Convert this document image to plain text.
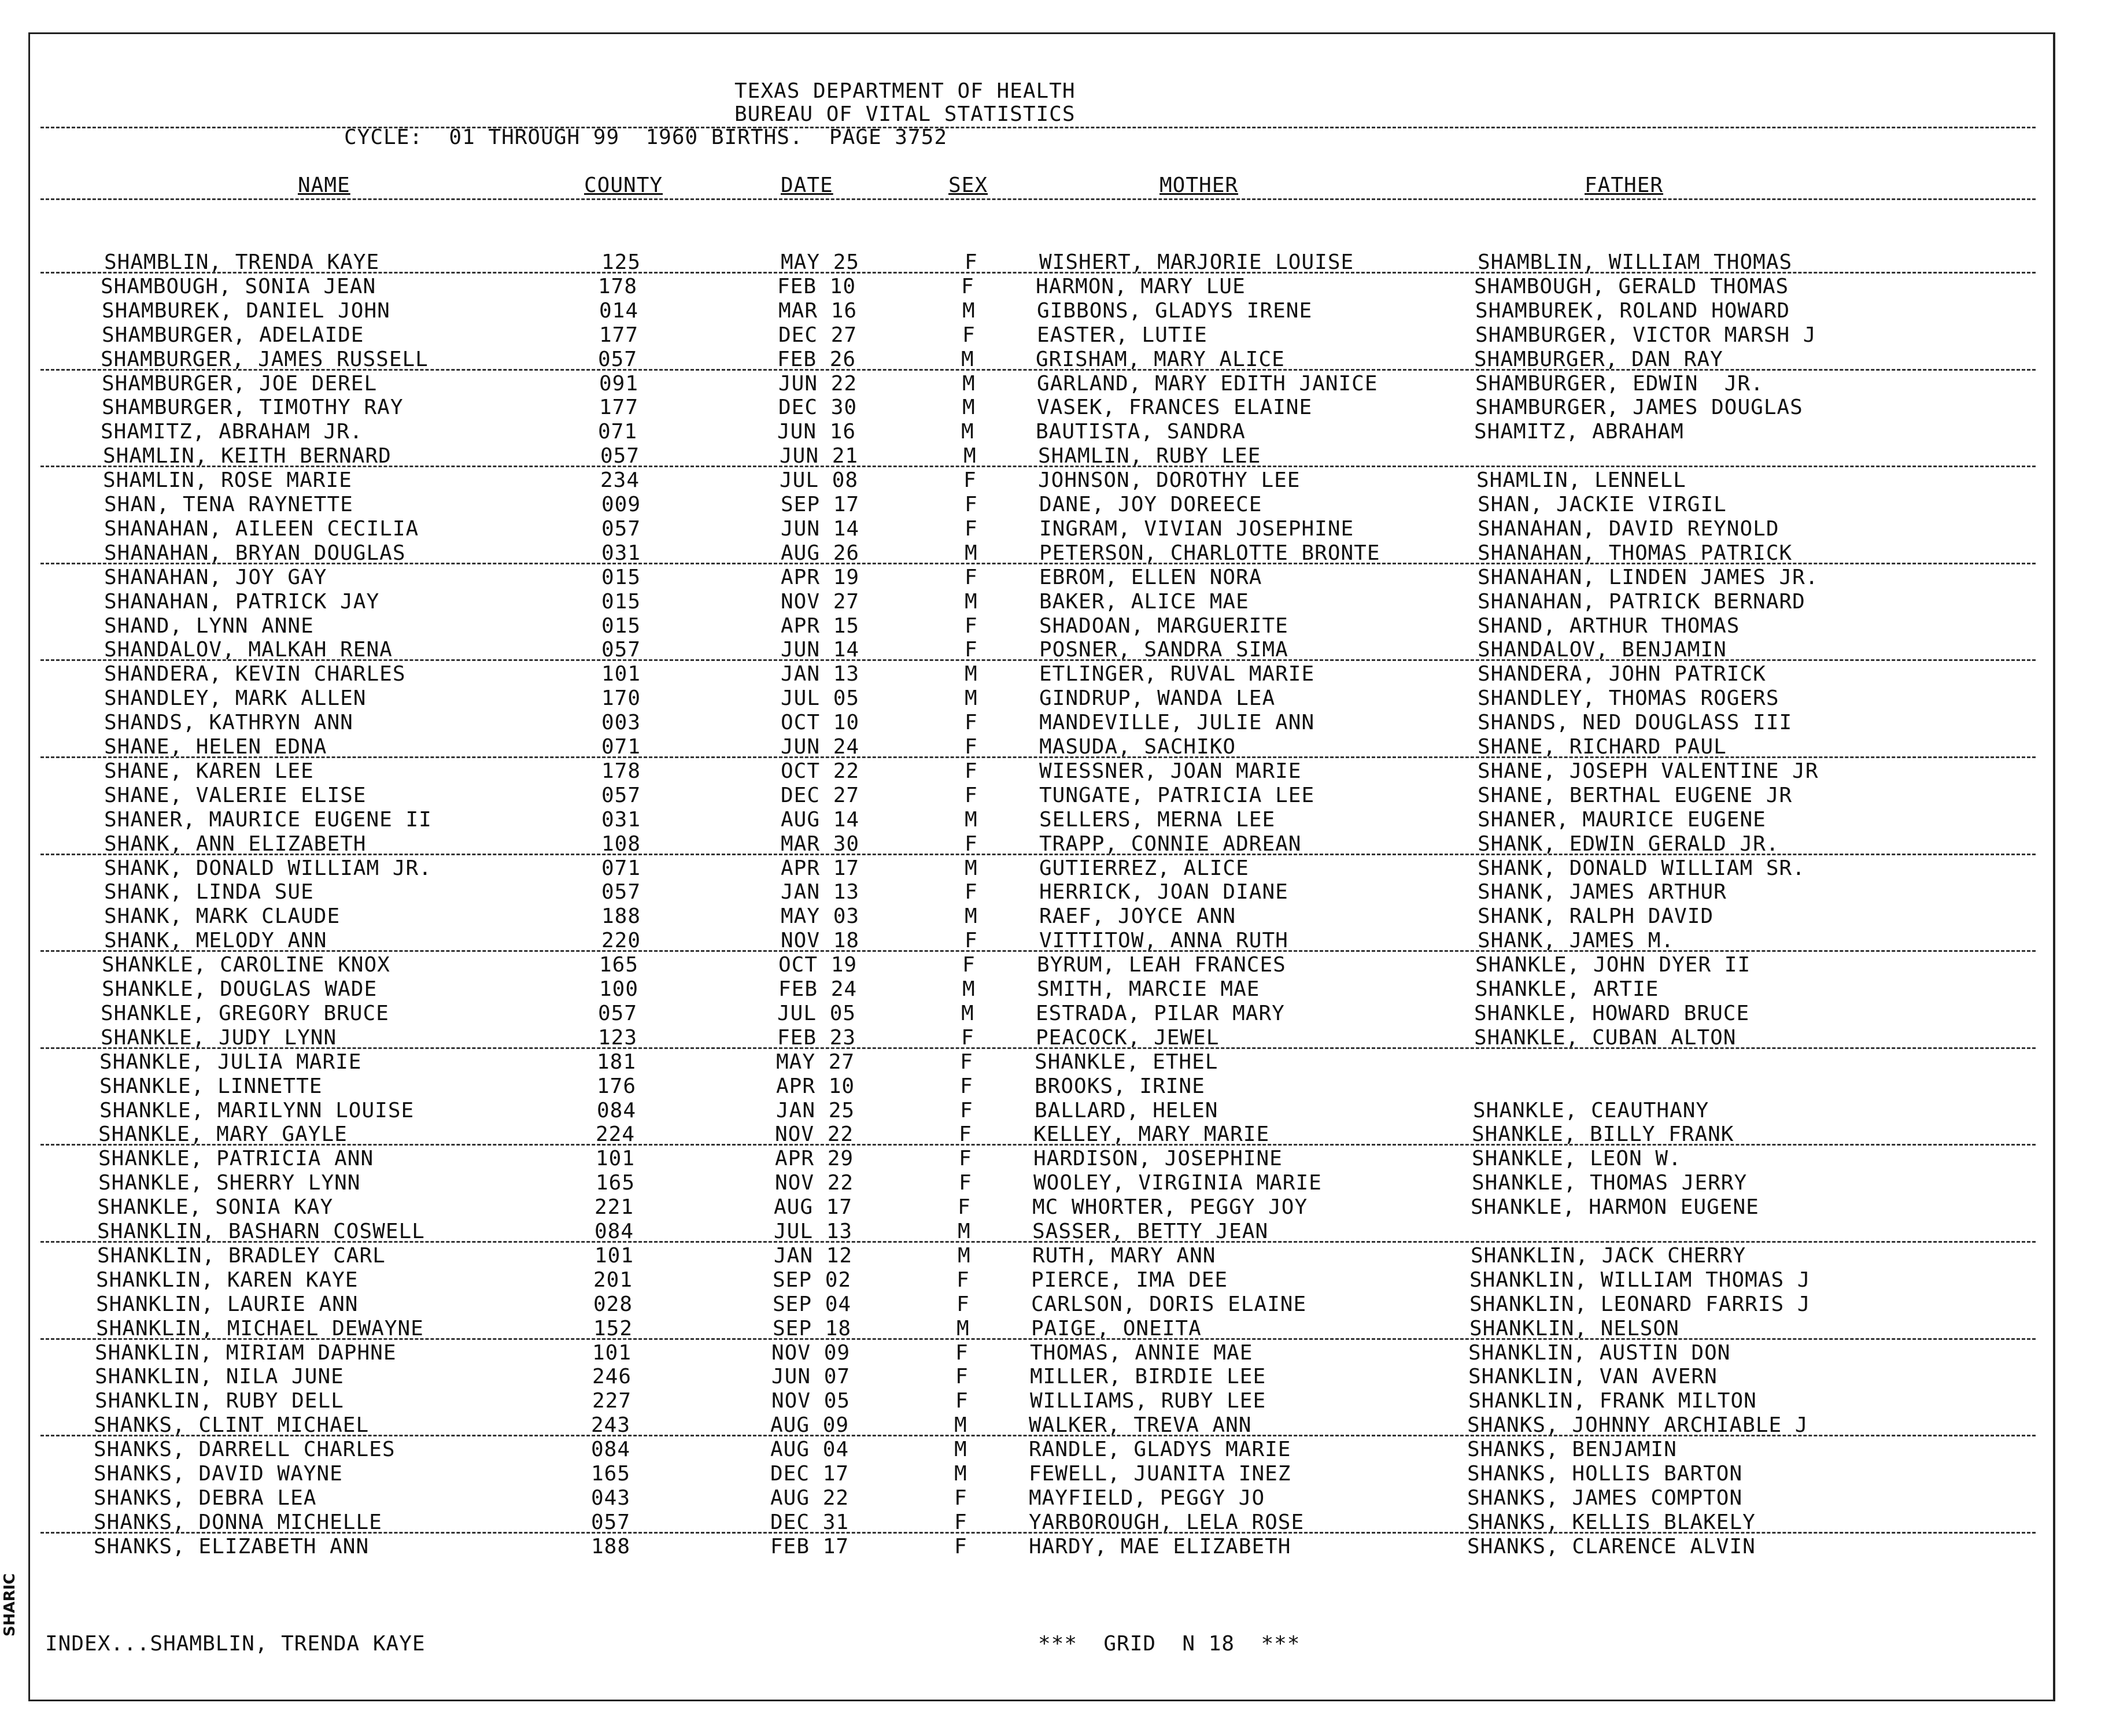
TEXAS DEPARTMENT OF HEALTH
BUREAU OF VITAL STATISTICS
CYCLE:  01 THROUGH 99  1960 BIRTHS.  PAGE 3752
NAME	COUNTY	DATE	SEX	MOTHER	FATHER
SHAMBLIN, TRENDA KAYE	125	MAY 25	F	WISHERT, MARJORIE LOUISE	SHAMBLIN, WILLIAM THOMAS
SHAMBOUGH, SONIA JEAN	178	FEB 10	F	HARMON, MARY LUE	SHAMBOUGH, GERALD THOMAS
SHAMBUREK, DANIEL JOHN	014	MAR 16	M	GIBBONS, GLADYS IRENE	SHAMBUREK, ROLAND HOWARD
SHAMBURGER, ADELAIDE	177	DEC 27	F	EASTER, LUTIE	SHAMBURGER, VICTOR MARSH J
SHAMBURGER, JAMES RUSSELL	057	FEB 26	M	GRISHAM, MARY ALICE	SHAMBURGER, DAN RAY
SHAMBURGER, JOE DEREL	091	JUN 22	M	GARLAND, MARY EDITH JANICE	SHAMBURGER, EDWIN  JR.
SHAMBURGER, TIMOTHY RAY	177	DEC 30	M	VASEK, FRANCES ELAINE	SHAMBURGER, JAMES DOUGLAS
SHAMITZ, ABRAHAM JR.	071	JUN 16	M	BAUTISTA, SANDRA	SHAMITZ, ABRAHAM
SHAMLIN, KEITH BERNARD	057	JUN 21	M	SHAMLIN, RUBY LEE
SHAMLIN, ROSE MARIE	234	JUL 08	F	JOHNSON, DOROTHY LEE	SHAMLIN, LENNELL
SHAN, TENA RAYNETTE	009	SEP 17	F	DANE, JOY DOREECE	SHAN, JACKIE VIRGIL
SHANAHAN, AILEEN CECILIA	057	JUN 14	F	INGRAM, VIVIAN JOSEPHINE	SHANAHAN, DAVID REYNOLD
SHANAHAN, BRYAN DOUGLAS	031	AUG 26	M	PETERSON, CHARLOTTE BRONTE	SHANAHAN, THOMAS PATRICK
SHANAHAN, JOY GAY	015	APR 19	F	EBROM, ELLEN NORA	SHANAHAN, LINDEN JAMES JR.
SHANAHAN, PATRICK JAY	015	NOV 27	M	BAKER, ALICE MAE	SHANAHAN, PATRICK BERNARD
SHAND, LYNN ANNE	015	APR 15	F	SHADOAN, MARGUERITE	SHAND, ARTHUR THOMAS
SHANDALOV, MALKAH RENA	057	JUN 14	F	POSNER, SANDRA SIMA	SHANDALOV, BENJAMIN
SHANDERA, KEVIN CHARLES	101	JAN 13	M	ETLINGER, RUVAL MARIE	SHANDERA, JOHN PATRICK
SHANDLEY, MARK ALLEN	170	JUL 05	M	GINDRUP, WANDA LEA	SHANDLEY, THOMAS ROGERS
SHANDS, KATHRYN ANN	003	OCT 10	F	MANDEVILLE, JULIE ANN	SHANDS, NED DOUGLASS III
SHANE, HELEN EDNA	071	JUN 24	F	MASUDA, SACHIKO	SHANE, RICHARD PAUL
SHANE, KAREN LEE	178	OCT 22	F	WIESSNER, JOAN MARIE	SHANE, JOSEPH VALENTINE JR
SHANE, VALERIE ELISE	057	DEC 27	F	TUNGATE, PATRICIA LEE	SHANE, BERTHAL EUGENE JR
SHANER, MAURICE EUGENE II	031	AUG 14	M	SELLERS, MERNA LEE	SHANER, MAURICE EUGENE
SHANK, ANN ELIZABETH	108	MAR 30	F	TRAPP, CONNIE ADREAN	SHANK, EDWIN GERALD JR.
SHANK, DONALD WILLIAM JR.	071	APR 17	M	GUTIERREZ, ALICE	SHANK, DONALD WILLIAM SR.
SHANK, LINDA SUE	057	JAN 13	F	HERRICK, JOAN DIANE	SHANK, JAMES ARTHUR
SHANK, MARK CLAUDE	188	MAY 03	M	RAEF, JOYCE ANN	SHANK, RALPH DAVID
SHANK, MELODY ANN	220	NOV 18	F	VITTITOW, ANNA RUTH	SHANK, JAMES M.
SHANKLE, CAROLINE KNOX	165	OCT 19	F	BYRUM, LEAH FRANCES	SHANKLE, JOHN DYER II
SHANKLE, DOUGLAS WADE	100	FEB 24	M	SMITH, MARCIE MAE	SHANKLE, ARTIE
SHANKLE, GREGORY BRUCE	057	JUL 05	M	ESTRADA, PILAR MARY	SHANKLE, HOWARD BRUCE
SHANKLE, JUDY LYNN	123	FEB 23	F	PEACOCK, JEWEL	SHANKLE, CUBAN ALTON
SHANKLE, JULIA MARIE	181	MAY 27	F	SHANKLE, ETHEL
SHANKLE, LINNETTE	176	APR 10	F	BROOKS, IRINE
SHANKLE, MARILYNN LOUISE	084	JAN 25	F	BALLARD, HELEN	SHANKLE, CEAUTHANY
SHANKLE, MARY GAYLE	224	NOV 22	F	KELLEY, MARY MARIE	SHANKLE, BILLY FRANK
SHANKLE, PATRICIA ANN	101	APR 29	F	HARDISON, JOSEPHINE	SHANKLE, LEON W.
SHANKLE, SHERRY LYNN	165	NOV 22	F	WOOLEY, VIRGINIA MARIE	SHANKLE, THOMAS JERRY
SHANKLE, SONIA KAY	221	AUG 17	F	MC WHORTER, PEGGY JOY	SHANKLE, HARMON EUGENE
SHANKLIN, BASHARN COSWELL	084	JUL 13	M	SASSER, BETTY JEAN
SHANKLIN, BRADLEY CARL	101	JAN 12	M	RUTH, MARY ANN	SHANKLIN, JACK CHERRY
SHANKLIN, KAREN KAYE	201	SEP 02	F	PIERCE, IMA DEE	SHANKLIN, WILLIAM THOMAS J
SHANKLIN, LAURIE ANN	028	SEP 04	F	CARLSON, DORIS ELAINE	SHANKLIN, LEONARD FARRIS J
SHANKLIN, MICHAEL DEWAYNE	152	SEP 18	M	PAIGE, ONEITA	SHANKLIN, NELSON
SHANKLIN, MIRIAM DAPHNE	101	NOV 09	F	THOMAS, ANNIE MAE	SHANKLIN, AUSTIN DON
SHANKLIN, NILA JUNE	246	JUN 07	F	MILLER, BIRDIE LEE	SHANKLIN, VAN AVERN
SHANKLIN, RUBY DELL	227	NOV 05	F	WILLIAMS, RUBY LEE	SHANKLIN, FRANK MILTON
SHANKS, CLINT MICHAEL	243	AUG 09	M	WALKER, TREVA ANN	SHANKS, JOHNNY ARCHIABLE J
SHANKS, DARRELL CHARLES	084	AUG 04	M	RANDLE, GLADYS MARIE	SHANKS, BENJAMIN
SHANKS, DAVID WAYNE	165	DEC 17	M	FEWELL, JUANITA INEZ	SHANKS, HOLLIS BARTON
SHANKS, DEBRA LEA	043	AUG 22	F	MAYFIELD, PEGGY JO	SHANKS, JAMES COMPTON
SHANKS, DONNA MICHELLE	057	DEC 31	F	YARBOROUGH, LELA ROSE	SHANKS, KELLIS BLAKELY
SHANKS, ELIZABETH ANN	188	FEB 17	F	HARDY, MAE ELIZABETH	SHANKS, CLARENCE ALVIN
INDEX...SHAMBLIN, TRENDA KAYE	***  GRID  N 18  ***
SHARIC
